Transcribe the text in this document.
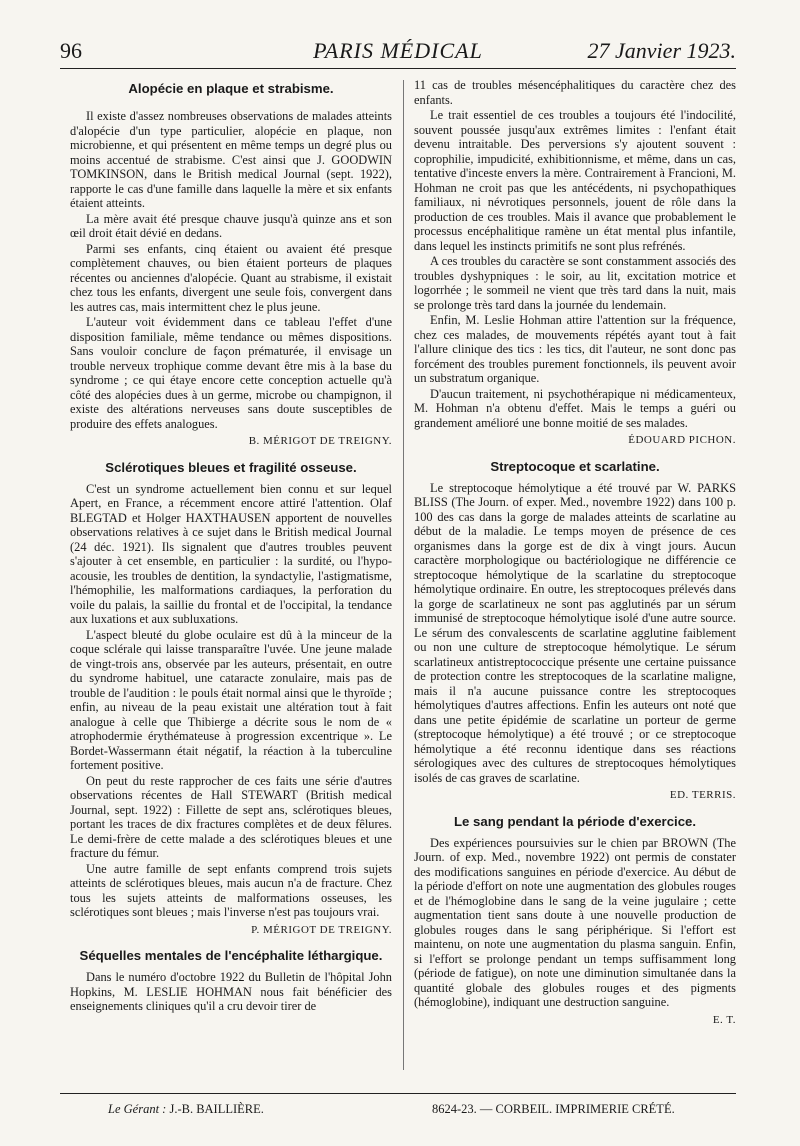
96	PARIS MÉDICAL	27 Janvier 1923.
Alopécie en plaque et strabisme.

Il existe d'assez nombreuses observations de malades atteints d'alopécie d'un type particulier, alopécie en plaque, non microbienne, et qui présentent en même temps un degré plus ou moins accentué de strabisme. C'est ainsi que J. GOODWIN TOMKINSON, dans le British medical Journal (sept. 1922), rapporte le cas d'une famille dans laquelle la mère et six enfants étaient atteints.

La mère avait été presque chauve jusqu'à quinze ans et son œil droit était dévié en dedans.

Parmi ses enfants, cinq étaient ou avaient été presque complètement chauves, ou bien étaient porteurs de plaques récentes ou anciennes d'alopécie. Quant au strabisme, il existait chez tous les enfants, divergent une seule fois, convergent dans les autres cas, mais intermittent chez le plus jeune.

L'auteur voit évidemment dans ce tableau l'effet d'une disposition familiale, même tendance ou mêmes dispositions. Sans vouloir conclure de façon prématurée, il envisage un trouble nerveux trophique comme devant être mis à la base du syndrome ; ce qui étaye encore cette conception actuelle qu'à côté des alopécies dues à un germe, microbe ou champignon, il existe des altérations nerveuses sans doute susceptibles de produire des effets analogues.

B. MÉRIGOT DE TREIGNY.
Sclérotiques bleues et fragilité osseuse.

C'est un syndrome actuellement bien connu et sur lequel Apert, en France, a récemment encore attiré l'attention. Olaf BLEGTAD et Holger HAXTHAUSEN apportent de nouvelles observations relatives à ce sujet dans le British medical Journal (24 déc. 1921). Ils signalent que d'autres troubles peuvent s'ajouter à cet ensemble, en particulier : la surdité, ou l'hypo-acousie, les troubles de dentition, la syndactylie, l'astigmatisme, l'hémophilie, les malformations cardiaques, la perforation du voile du palais, la saillie du frontal et de l'occipital, la tendance aux luxations et aux subluxations.

L'aspect bleuté du globe oculaire est dû à la minceur de la coque sclérale qui laisse transparaître l'uvée. Une jeune malade de vingt-trois ans, observée par les auteurs, présentait, en outre du syndrome habituel, une cataracte zonulaire, mais pas de trouble de l'audition : le pouls était normal ainsi que le thyroïde ; enfin, au niveau de la peau existait une altération tout à fait analogue à celle que Thibierge a décrite sous le nom de « atrophodermie érythémateuse à progression excentrique ». Le Bordet-Wassermann était négatif, la réaction à la tuberculine fortement positive.

On peut du reste rapprocher de ces faits une série d'autres observations récentes de Hall STEWART (British medical Journal, sept. 1922) : Fillette de sept ans, sclérotiques bleues, portant les traces de dix fractures complètes et de deux fêlures. Le demi-frère de cette malade a des sclérotiques bleues et une fracture du fémur.

Une autre famille de sept enfants comprend trois sujets atteints de sclérotiques bleues, mais aucun n'a de fracture. Chez tous les sujets atteints de malformations osseuses, les sclérotiques sont bleues ; mais l'inverse n'est pas toujours vrai.

P. MÉRIGOT DE TREIGNY.
Séquelles mentales de l'encéphalite léthargique.

Dans le numéro d'octobre 1922 du Bulletin de l'hôpital John Hopkins, M. LESLIE HOHMAN nous fait bénéficier des enseignements cliniques qu'il a cru devoir tirer de

11 cas de troubles mésencéphalitiques du caractère chez des enfants.

Le trait essentiel de ces troubles a toujours été l'indocilité, souvent poussée jusqu'aux extrêmes limites : l'enfant était devenu intraitable. Des perversions s'y ajoutent souvent : coprophilie, impudicité, exhibitionnisme, et même, dans un cas, tentative d'inceste envers la mère. Contrairement à Francioni, M. Hohman ne croit pas que les antécédents, ni psychopathiques familiaux, ni névrotiques personnels, jouent de rôle dans la production de ces troubles. Mais il avance que probablement le processus encéphalitique ramène un état mental plus infantile, dans lequel les instincts primitifs ne sont plus refrénés.

A ces troubles du caractère se sont constamment associés des troubles dyshypniques : le soir, au lit, excitation motrice et logorrhée ; le sommeil ne vient que très tard dans la nuit, mais se prolonge très tard dans la journée du lendemain.

Enfin, M. Leslie Hohman attire l'attention sur la fréquence, chez ces malades, de mouvements répétés ayant tout à fait l'allure clinique des tics : les tics, dit l'auteur, ne sont donc pas forcément des troubles purement fonctionnels, ils peuvent avoir un substratum organique.

D'aucun traitement, ni psychothérapique ni médicamenteux, M. Hohman n'a obtenu d'effet. Mais le temps a guéri ou grandement amélioré une bonne moitié de ses malades.

ÉDOUARD PICHON.
Streptocoque et scarlatine.

Le streptocoque hémolytique a été trouvé par W. PARKS BLISS (The Journ. of exper. Med., novembre 1922) dans 100 p. 100 des cas dans la gorge de malades atteints de scarlatine au début de la maladie. Le temps moyen de présence de ces organismes dans la gorge est de dix à vingt jours. Aucun caractère morphologique ou bactériologique ne différencie ce streptocoque hémolytique de la scarlatine du streptocoque hémolytique ordinaire. En outre, les streptocoques prélevés dans la gorge de scarlatineux ne sont pas agglutinés par un sérum immunisé de streptocoque hémolytique isolé d'une autre source. Le sérum des convalescents de scarlatine agglutine faiblement ou non une culture de streptocoque hémolytique. Le sérum scarlatineux antistreptococcique présente une certaine puissance de protection contre les streptocoques de la scarlatine maligne, mais il n'a aucune puissance contre les streptocoques hémolytiques d'autres affections. Enfin les auteurs ont noté que dans une petite épidémie de scarlatine un porteur de germe (streptocoque hémolytique) a été trouvé ; or ce streptocoque hémolytique a été reconnu identique dans ses réactions sérologiques avec des cultures de streptocoques hémolytiques isolés de cas graves de scarlatine.

ED. TERRIS.
Le sang pendant la période d'exercice.

Des expériences poursuivies sur le chien par BROWN (The Journ. of exp. Med., novembre 1922) ont permis de constater des modifications sanguines en période d'exercice. Au début de la période d'effort on note une augmentation des globules rouges et de l'hémoglobine dans le sang de la veine jugulaire ; cette augmentation tient sans doute à une nouvelle production de globules rouges dans le sang périphérique. Si l'effort est maintenu, on note une augmentation du plasma sanguin. Enfin, si l'effort se prolonge pendant un temps suffisamment long (période de fatigue), on note une diminution simultanée dans la quantité globale des globules rouges et des pigments (hémoglobine), indiquant une destruction sanguine.

E. T.
Le Gérant : J.-B. BAILLIÈRE.	8624-23. — CORBEIL. IMPRIMERIE CRÉTÉ.
